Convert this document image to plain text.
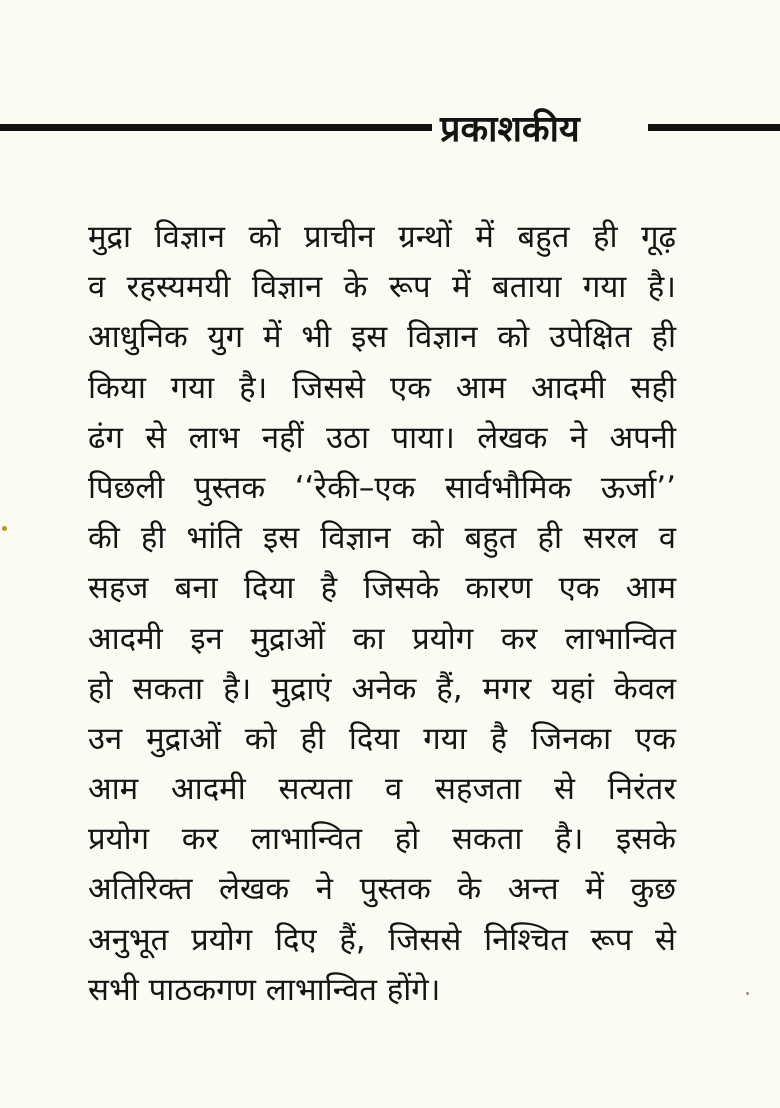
प्रकाशकीय
मुद्रा विज्ञान को प्राचीन ग्रन्थों में बहुत ही गूढ़
व रहस्यमयी विज्ञान के रूप में बताया गया है।
आधुनिक युग में भी इस विज्ञान को उपेक्षित ही
किया गया है। जिससे एक आम आदमी सही
ढंग से लाभ नहीं उठा पाया। लेखक ने अपनी
पिछली पुस्तक ‘‘रेकी–एक सार्वभौमिक ऊर्जा’’
की ही भांति इस विज्ञान को बहुत ही सरल व
सहज बना दिया है जिसके कारण एक आम
आदमी इन मुद्राओं का प्रयोग कर लाभान्वित
हो सकता है। मुद्राएं अनेक हैं, मगर यहां केवल
उन मुद्राओं को ही दिया गया है जिनका एक
आम आदमी सत्यता व सहजता से निरंतर
प्रयोग कर लाभान्वित हो सकता है। इसके
अतिरिक्त लेखक ने पुस्तक के अन्त में कुछ
अनुभूत प्रयोग दिए हैं, जिससे निश्चित रूप से
सभी पाठकगण लाभान्वित होंगे।
